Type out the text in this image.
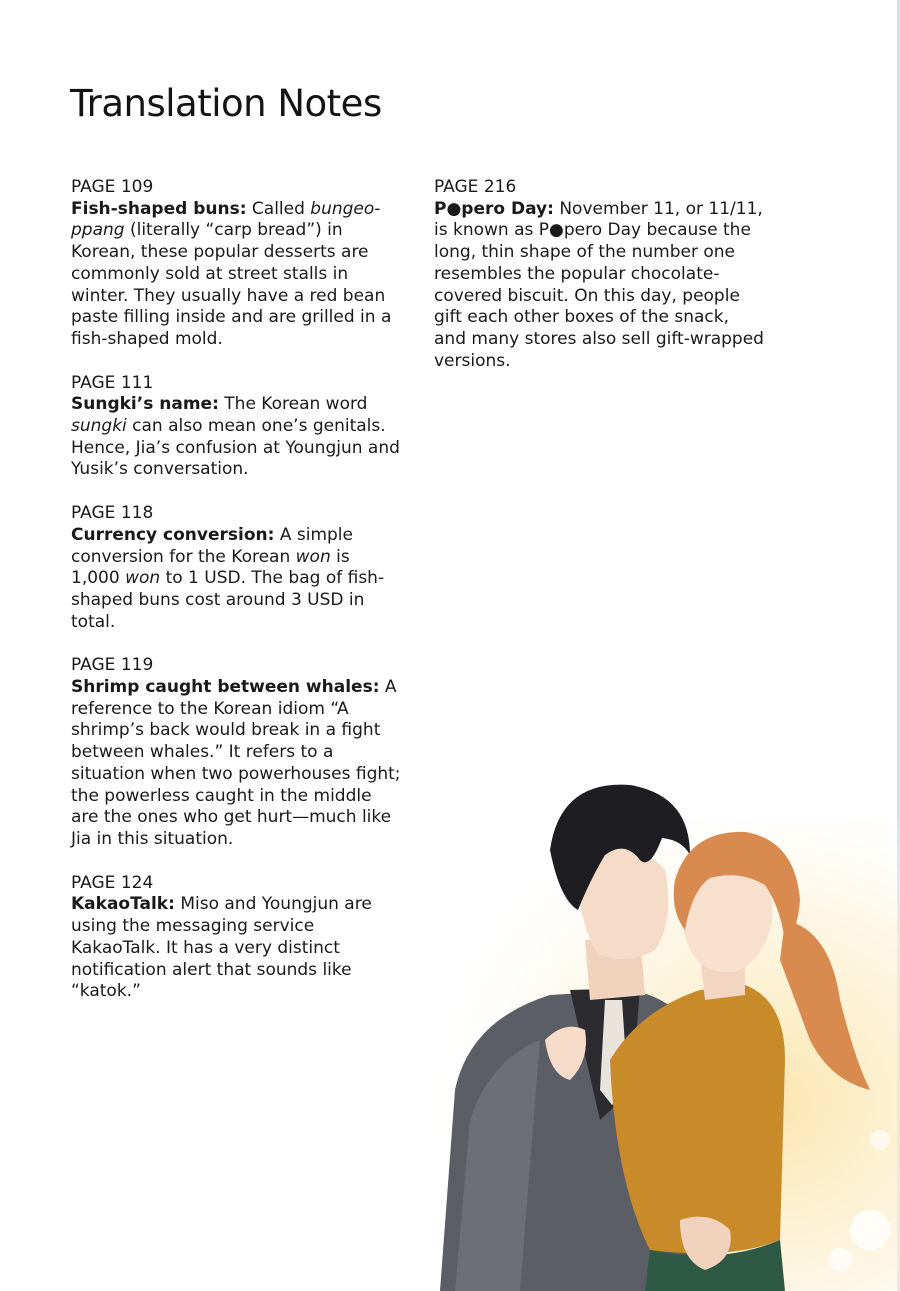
Translation Notes

PAGE 109
Fish-shaped buns: Called bungeo-ppang (literally “carp bread”) in Korean, these popular desserts are commonly sold at street stalls in winter. They usually have a red bean paste filling inside and are grilled in a fish-shaped mold.

PAGE 111
Sungki’s name: The Korean word sungki can also mean one’s genitals. Hence, Jia’s confusion at Youngjun and Yusik’s conversation.

PAGE 118
Currency conversion: A simple conversion for the Korean won is 1,000 won to 1 USD. The bag of fish-shaped buns cost around 3 USD in total.

PAGE 119
Shrimp caught between whales: A reference to the Korean idiom “A shrimp’s back would break in a fight between whales.” It refers to a situation when two powerhouses fight; the powerless caught in the middle are the ones who get hurt—much like Jia in this situation.

PAGE 124
KakaoTalk: Miso and Youngjun are using the messaging service KakaoTalk. It has a very distinct notification alert that sounds like “katok.”

PAGE 216
P●pero Day: November 11, or 11/11, is known as P●pero Day because the long, thin shape of the number one resembles the popular chocolate-covered biscuit. On this day, people gift each other boxes of the snack, and many stores also sell gift-wrapped versions.
